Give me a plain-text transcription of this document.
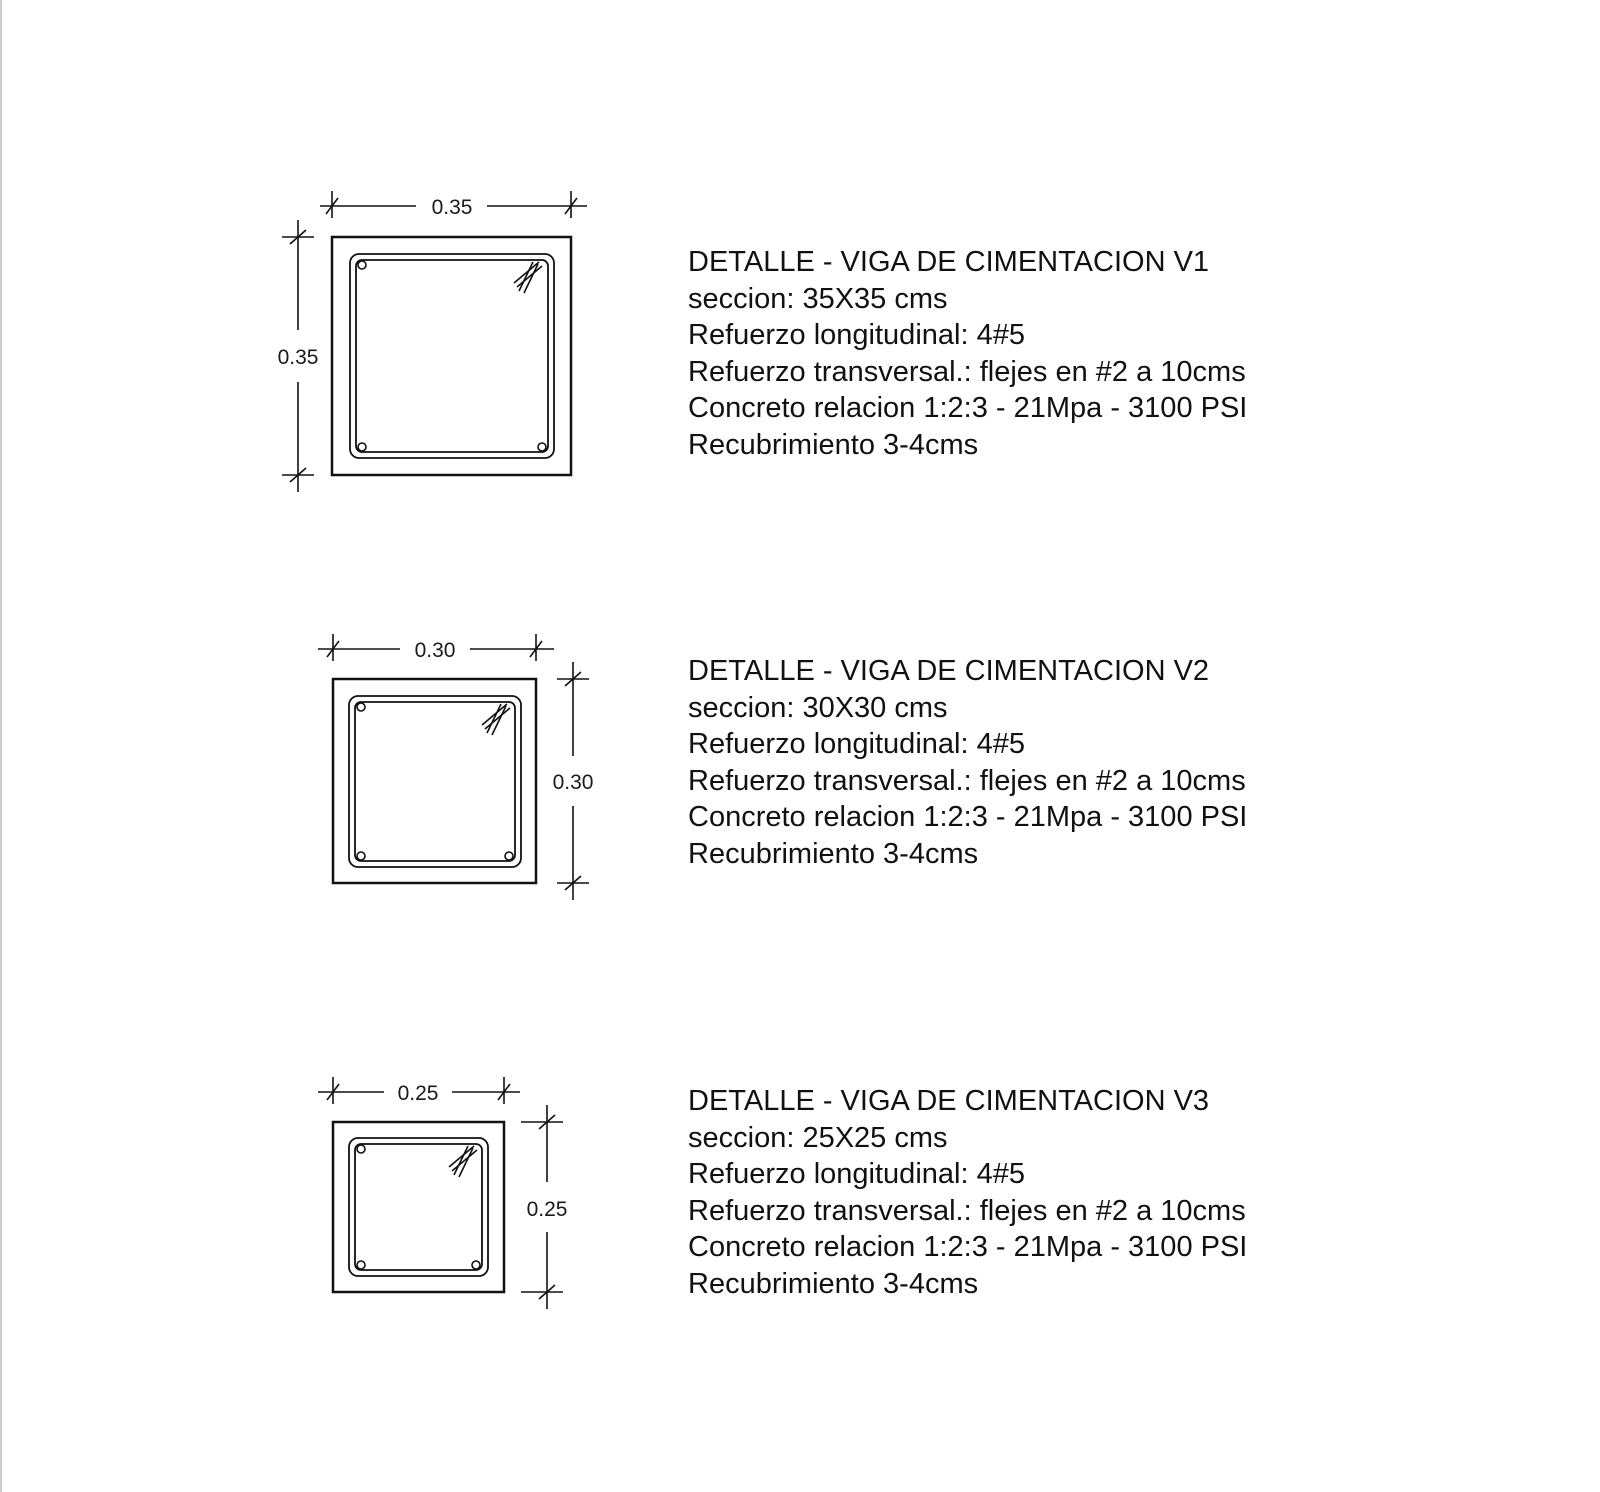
0.35
0.35
0.30
0.30
0.25
0.25
DETALLE - VIGA DE CIMENTACION V1
seccion: 35X35 cms
Refuerzo longitudinal: 4#5
Refuerzo transversal.: flejes en #2 a 10cms
Concreto relacion 1:2:3 - 21Mpa - 3100 PSI
Recubrimiento 3-4cms
DETALLE - VIGA DE CIMENTACION V2
seccion: 30X30 cms
Refuerzo longitudinal: 4#5
Refuerzo transversal.: flejes en #2 a 10cms
Concreto relacion 1:2:3 - 21Mpa - 3100 PSI
Recubrimiento 3-4cms
DETALLE - VIGA DE CIMENTACION V3
seccion: 25X25 cms
Refuerzo longitudinal: 4#5
Refuerzo transversal.: flejes en #2 a 10cms
Concreto relacion 1:2:3 - 21Mpa - 3100 PSI
Recubrimiento 3-4cms
